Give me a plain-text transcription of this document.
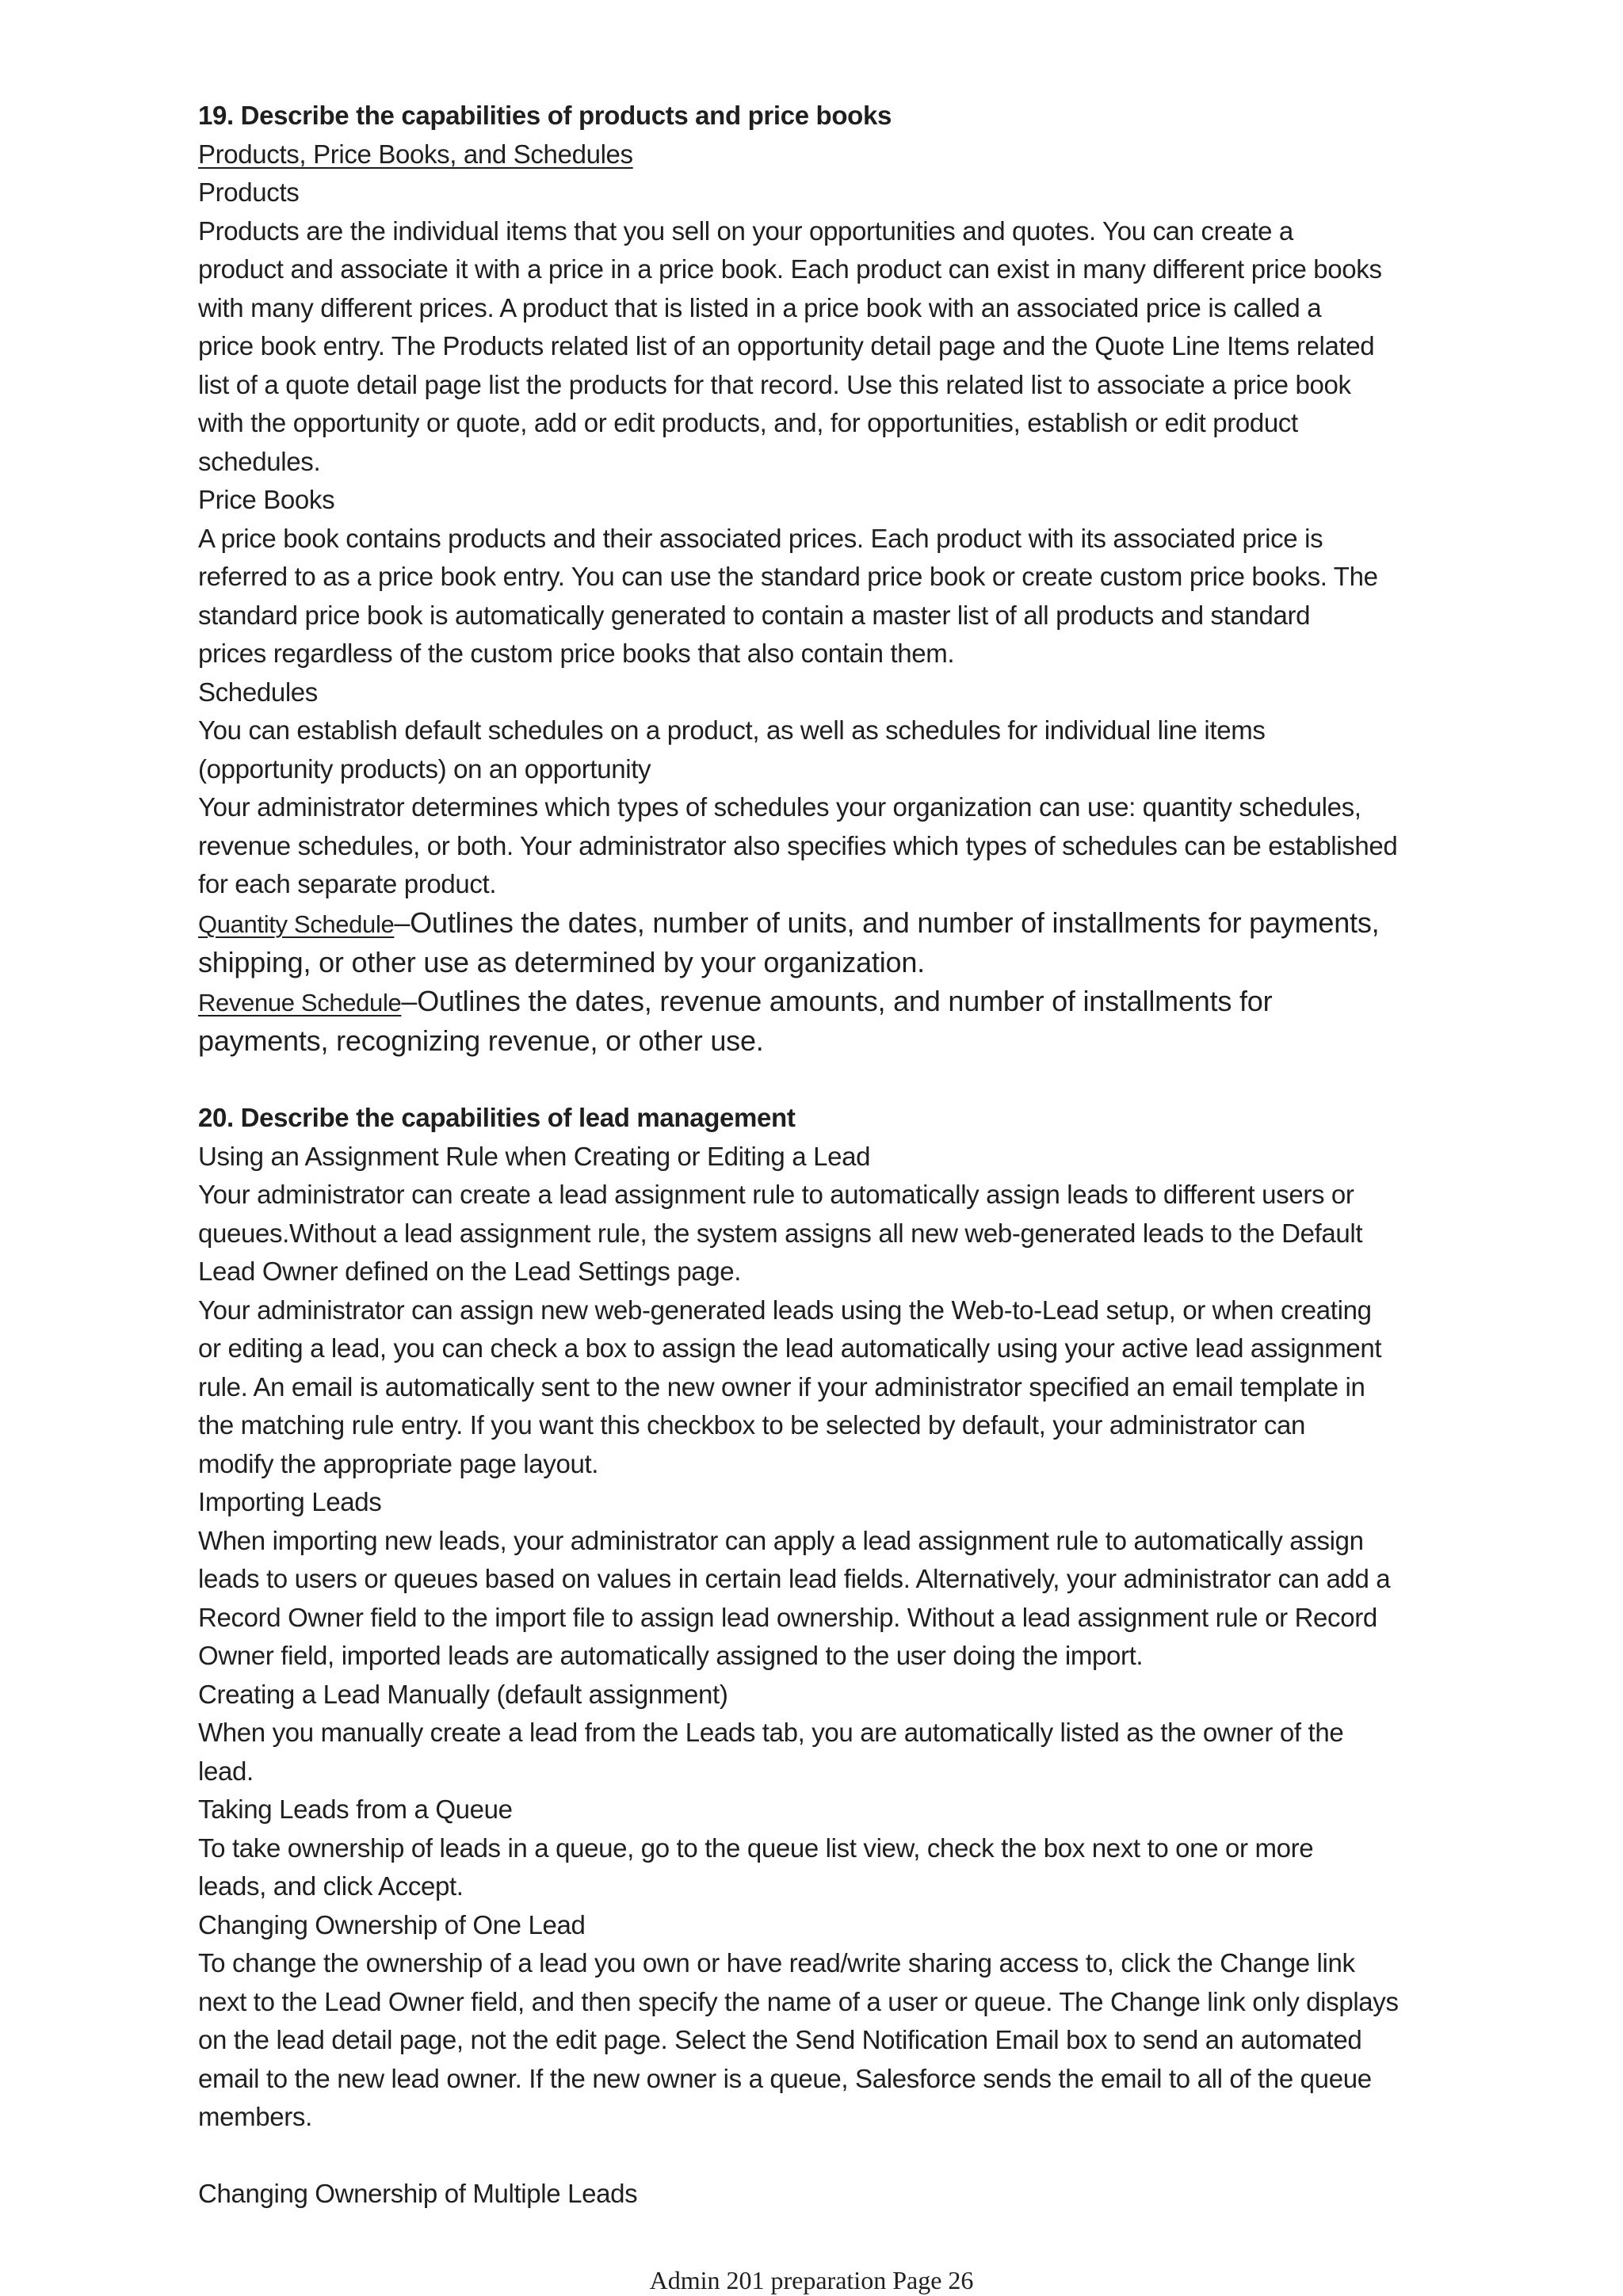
19. Describe the capabilities of products and price books
Products, Price Books, and Schedules
Products
Products are the individual items that you sell on your opportunities and quotes. You can create a
product and associate it with a price in a price book. Each product can exist in many different price books
with many different prices. A product that is listed in a price book with an associated price is called a
price book entry. The Products related list of an opportunity detail page and the Quote Line Items related
list of a quote detail page list the products for that record. Use this related list to associate a price book
with the opportunity or quote, add or edit products, and, for opportunities, establish or edit product
schedules.
Price Books
A price book contains products and their associated prices. Each product with its associated price is
referred to as a price book entry. You can use the standard price book or create custom price books. The
standard price book is automatically generated to contain a master list of all products and standard
prices regardless of the custom price books that also contain them.
Schedules
You can establish default schedules on a product, as well as schedules for individual line items
(opportunity products) on an opportunity
Your administrator determines which types of schedules your organization can use: quantity schedules,
revenue schedules, or both. Your administrator also specifies which types of schedules can be established
for each separate product.
Quantity Schedule–Outlines the dates, number of units, and number of installments for payments,
shipping, or other use as determined by your organization.
Revenue Schedule–Outlines the dates, revenue amounts, and number of installments for
payments, recognizing revenue, or other use.
20. Describe the capabilities of lead management
Using an Assignment Rule when Creating or Editing a Lead
Your administrator can create a lead assignment rule to automatically assign leads to different users or
queues.Without a lead assignment rule, the system assigns all new web-generated leads to the Default
Lead Owner defined on the Lead Settings page.
Your administrator can assign new web-generated leads using the Web-to-Lead setup, or when creating
or editing a lead, you can check a box to assign the lead automatically using your active lead assignment
rule. An email is automatically sent to the new owner if your administrator specified an email template in
the matching rule entry. If you want this checkbox to be selected by default, your administrator can
modify the appropriate page layout.
Importing Leads
When importing new leads, your administrator can apply a lead assignment rule to automatically assign
leads to users or queues based on values in certain lead fields. Alternatively, your administrator can add a
Record Owner field to the import file to assign lead ownership. Without a lead assignment rule or Record
Owner field, imported leads are automatically assigned to the user doing the import.
Creating a Lead Manually (default assignment)
When you manually create a lead from the Leads tab, you are automatically listed as the owner of the
lead.
Taking Leads from a Queue
To take ownership of leads in a queue, go to the queue list view, check the box next to one or more
leads, and click Accept.
Changing Ownership of One Lead
To change the ownership of a lead you own or have read/write sharing access to, click the Change link
next to the Lead Owner field, and then specify the name of a user or queue. The Change link only displays
on the lead detail page, not the edit page. Select the Send Notification Email box to send an automated
email to the new lead owner. If the new owner is a queue, Salesforce sends the email to all of the queue
members.
Changing Ownership of Multiple Leads
Admin 201 preparation Page 26
